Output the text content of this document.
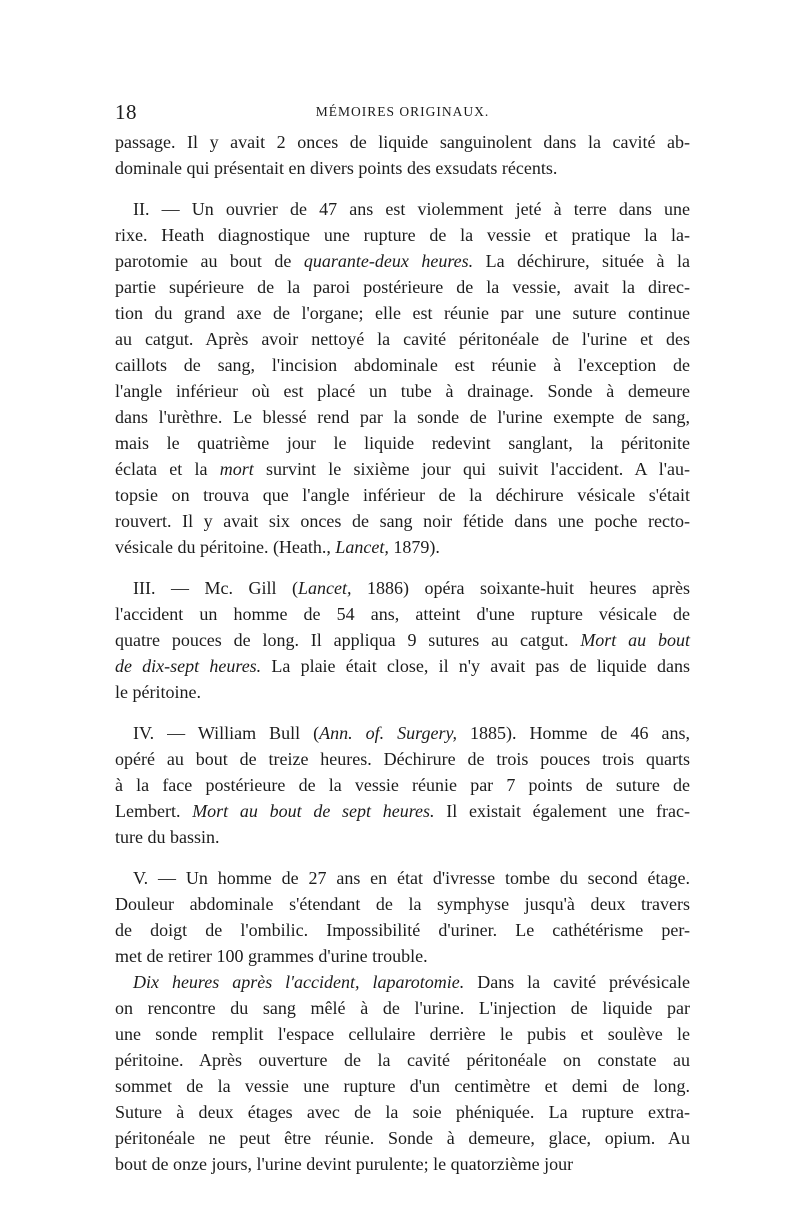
18	MÉMOIRES ORIGINAUX.

passage. Il y avait 2 onces de liquide sanguinolent dans la cavité ab-
dominale qui présentait en divers points des exsudats récents.

II. — Un ouvrier de 47 ans est violemment jeté à terre dans une
rixe. Heath diagnostique une rupture de la vessie et pratique la la-
parotomie au bout de quarante-deux heures. La déchirure, située à la
partie supérieure de la paroi postérieure de la vessie, avait la direc-
tion du grand axe de l'organe; elle est réunie par une suture continue
au catgut. Après avoir nettoyé la cavité péritonéale de l'urine et des
caillots de sang, l'incision abdominale est réunie à l'exception de
l'angle inférieur où est placé un tube à drainage. Sonde à demeure
dans l'urèthre. Le blessé rend par la sonde de l'urine exempte de sang,
mais le quatrième jour le liquide redevint sanglant, la péritonite
éclata et la mort survint le sixième jour qui suivit l'accident. A l'au-
topsie on trouva que l'angle inférieur de la déchirure vésicale s'était
rouvert. Il y avait six onces de sang noir fétide dans une poche recto-
vésicale du péritoine. (Heath., Lancet, 1879).

III. — Mc. Gill (Lancet, 1886) opéra soixante-huit heures après
l'accident un homme de 54 ans, atteint d'une rupture vésicale de
quatre pouces de long. Il appliqua 9 sutures au catgut. Mort au bout
de dix-sept heures. La plaie était close, il n'y avait pas de liquide dans
le péritoine.

IV. — William Bull (Ann. of. Surgery, 1885). Homme de 46 ans,
opéré au bout de treize heures. Déchirure de trois pouces trois quarts
à la face postérieure de la vessie réunie par 7 points de suture de
Lembert. Mort au bout de sept heures. Il existait également une frac-
ture du bassin.

V. — Un homme de 27 ans en état d'ivresse tombe du second étage.
Douleur abdominale s'étendant de la symphyse jusqu'à deux travers
de doigt de l'ombilic. Impossibilité d'uriner. Le cathétérisme per-
met de retirer 100 grammes d'urine trouble.

Dix heures après l'accident, laparotomie. Dans la cavité prévésicale
on rencontre du sang mêlé à de l'urine. L'injection de liquide par
une sonde remplit l'espace cellulaire derrière le pubis et soulève le
péritoine. Après ouverture de la cavité péritonéale on constate au
sommet de la vessie une rupture d'un centimètre et demi de long.
Suture à deux étages avec de la soie phéniquée. La rupture extra-
péritonéale ne peut être réunie. Sonde à demeure, glace, opium. Au
bout de onze jours, l'urine devint purulente; le quatorzième jour
